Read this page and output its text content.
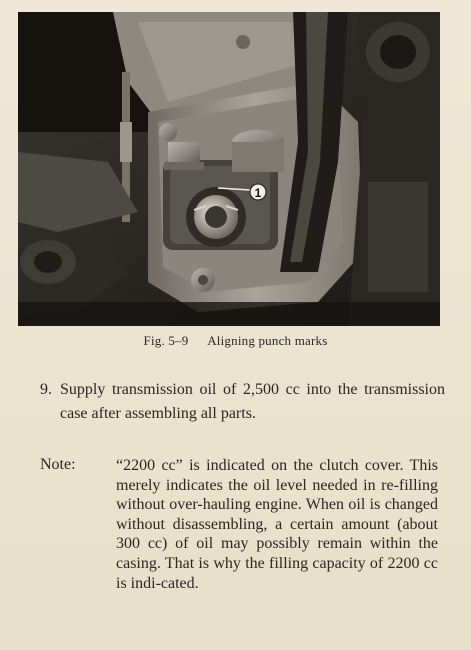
1
Fig. 5–9 Aligning punch marks
9. Supply transmission oil of 2,500 cc into the transmission case after assembling all parts.
Note:	“2200 cc” is indicated on the clutch cover. This merely indicates the oil level needed in re-filling without over-hauling engine. When oil is changed without disassembling, a certain amount (about 300 cc) of oil may possibly remain within the casing. That is why the filling capacity of 2200 cc is indi-cated.
